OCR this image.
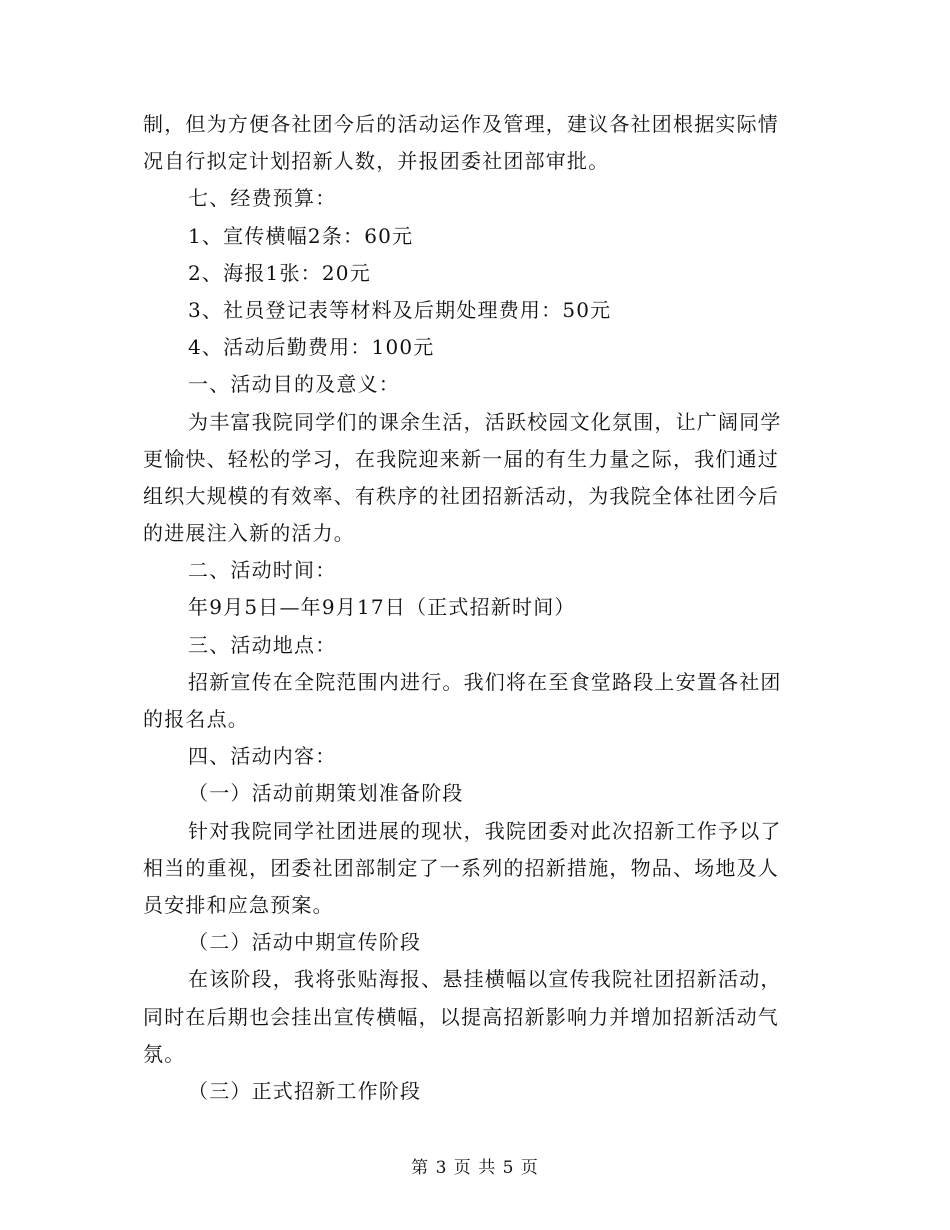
制，但为方便各社团今后的活动运作及管理，建议各社团根据实际情
况自行拟定计划招新人数，并报团委社团部审批。
七、经费预算：
1、宣传横幅2条：60元
2、海报1张：20元
3、社员登记表等材料及后期处理费用：50元
4、活动后勤费用：100元
一、活动目的及意义：
为丰富我院同学们的课余生活，活跃校园文化氛围，让广阔同学
更愉快、轻松的学习，在我院迎来新一届的有生力量之际，我们通过
组织大规模的有效率、有秩序的社团招新活动，为我院全体社团今后
的进展注入新的活力。
二、活动时间：
年9月5日—年9月17日（正式招新时间）
三、活动地点：
招新宣传在全院范围内进行。我们将在至食堂路段上安置各社团
的报名点。
四、活动内容：
（一）活动前期策划准备阶段
针对我院同学社团进展的现状，我院团委对此次招新工作予以了
相当的重视，团委社团部制定了一系列的招新措施，物品、场地及人
员安排和应急预案。
（二）活动中期宣传阶段
在该阶段，我将张贴海报、悬挂横幅以宣传我院社团招新活动，
同时在后期也会挂出宣传横幅，以提高招新影响力并增加招新活动气
氛。
（三）正式招新工作阶段
第 3 页 共 5 页
